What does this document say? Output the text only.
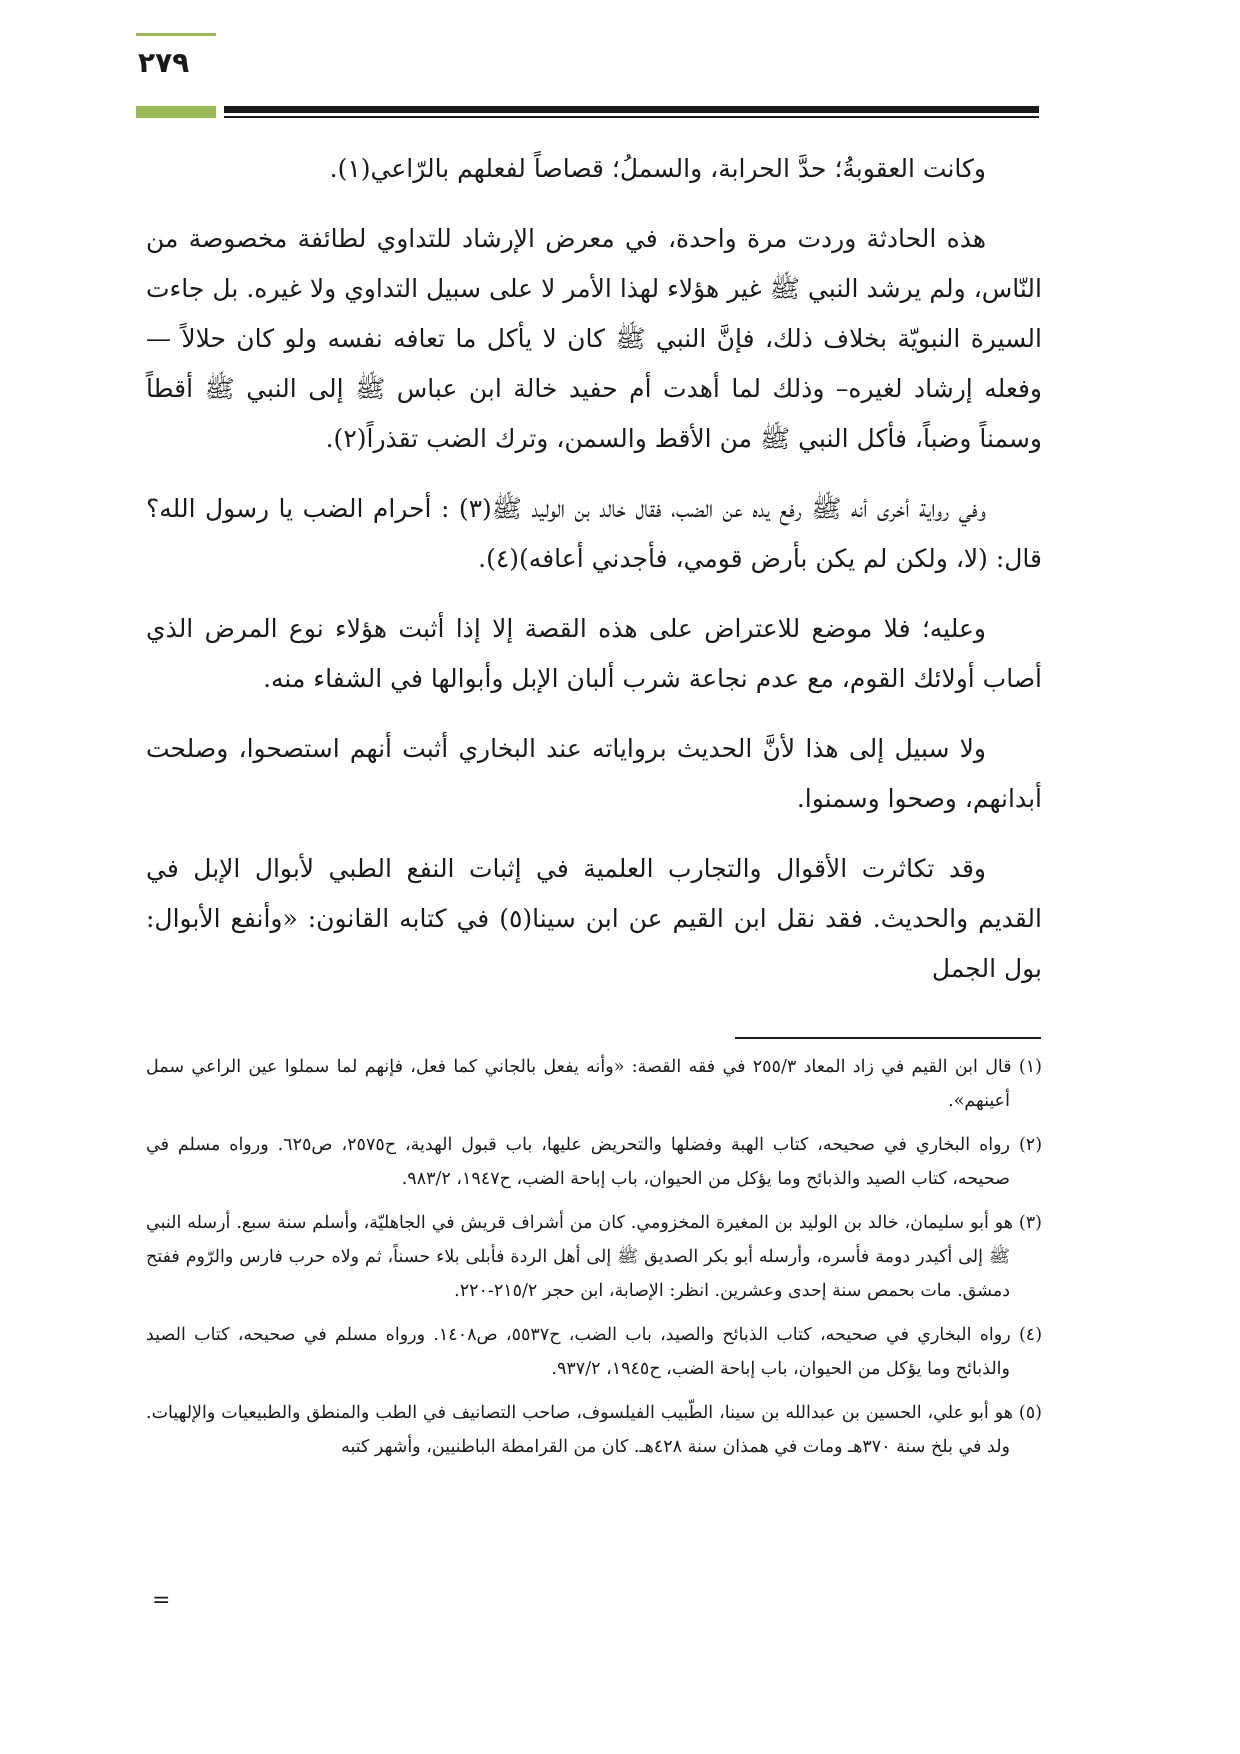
٢٧٩

وكانت العقوبةُ؛ حدَّ الحرابة، والسملُ؛ قصاصاً لفعلهم بالرّاعي(١).

هذه الحادثة وردت مرة واحدة، في معرض الإرشاد للتداوي لطائفة مخصوصة من النّاس، ولم يرشد النبي ﷺ غير هؤلاء لهذا الأمر لا على سبيل التداوي ولا غيره. بل جاءت السيرة النبويّة بخلاف ذلك، فإنَّ النبي ﷺ كان لا يأكل ما تعافه نفسه ولو كان حلالاً — وفعله إرشاد لغيره– وذلك لما أهدت أم حفيد خالة ابن عباس ﷺ إلى النبي ﷺ أقطاً وسمناً وضباً، فأكل النبي ﷺ من الأقط والسمن، وترك الضب تقذراً(٢).

وفي رواية أخرى أنه ﷺ رفع يده عن الضب، فقال خالد بن الوليد ﷺ(٣) : أحرام الضب يا رسول الله؟ قال: (لا، ولكن لم يكن بأرض قومي، فأجدني أعافه)(٤).

وعليه؛ فلا موضع للاعتراض على هذه القصة إلا إذا أثبت هؤلاء نوع المرض الذي أصاب أولائك القوم، مع عدم نجاعة شرب ألبان الإبل وأبوالها في الشفاء منه.

ولا سبيل إلى هذا لأنَّ الحديث برواياته عند البخاري أثبت أنهم استصحوا، وصلحت أبدانهم، وصحوا وسمنوا.

وقد تكاثرت الأقوال والتجارب العلمية في إثبات النفع الطبي لأبوال الإبل في القديم والحديث. فقد نقل ابن القيم عن ابن سينا(٥) في كتابه القانون: «وأنفع الأبوال: بول الجمل

(١) قال ابن القيم في زاد المعاد ٢٥٥/٣ في فقه القصة: «وأنه يفعل بالجاني كما فعل، فإنهم لما سملوا عين الراعي سمل أعينهم».

(٢) رواه البخاري في صحيحه، كتاب الهبة وفضلها والتحريض عليها، باب قبول الهدية، ح٢٥٧٥، ص٦٢٥. ورواه مسلم في صحيحه، كتاب الصيد والذبائح وما يؤكل من الحيوان، باب إباحة الضب، ح١٩٤٧، ٩٨٣/٢.

(٣) هو أبو سليمان، خالد بن الوليد بن المغيرة المخزومي. كان من أشراف قريش في الجاهليّة، وأسلم سنة سبع. أرسله النبي ﷺ إلى أكيدر دومة فأسره، وأرسله أبو بكر الصديق ﷺ إلى أهل الردة فأبلى بلاء حسناً، ثم ولاه حرب فارس والرّوم ففتح دمشق. مات بحمص سنة إحدى وعشرين. انظر: الإصابة، ابن حجر ٢١٥/٢-٢٢٠.

(٤) رواه البخاري في صحيحه، كتاب الذبائح والصيد، باب الضب، ح٥٥٣٧، ص١٤٠٨. ورواه مسلم في صحيحه، كتاب الصيد والذبائح وما يؤكل من الحيوان، باب إباحة الضب، ح١٩٤٥، ٩٣٧/٢.

(٥) هو أبو علي، الحسين بن عبدالله بن سينا، الطّبيب الفيلسوف، صاحب التصانيف في الطب والمنطق والطبيعيات والإلهيات. ولد في بلخ سنة ٣٧٠هـ ومات في همذان سنة ٤٢٨هـ. كان من القرامطة الباطنيين، وأشهر كتبه

=
